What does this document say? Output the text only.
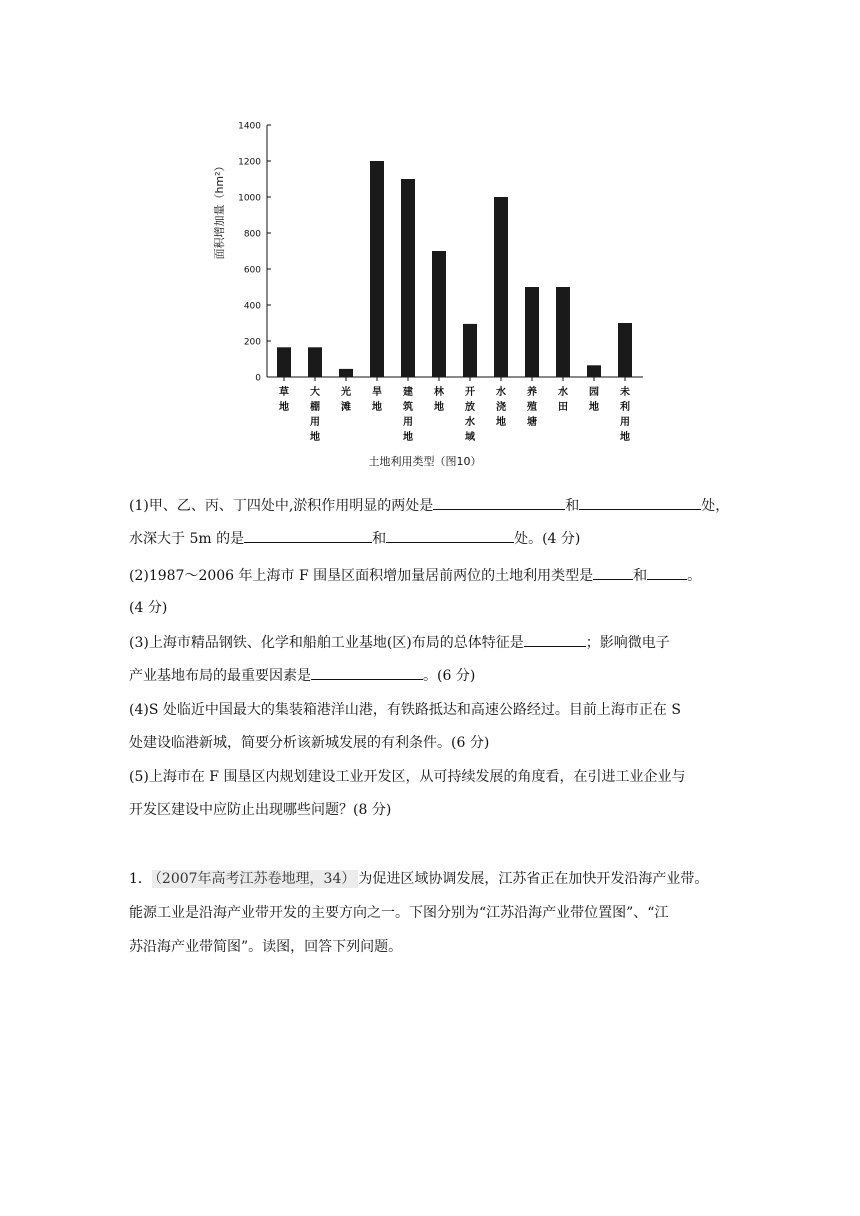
0
200
400
600
800
1000
1200
1400
草地
大棚用地
光滩
旱地
建筑用地
林地
开放水域
水浇地
养殖塘
水田
园地
未利用地
面积增加量（hm²）
土地利用类型（图10）
(1)甲、乙、丙、丁四处中,淤积作用明显的两处是	和	处，
水深大于 5m 的是	和	处。(4 分)
(2)1987～2006 年上海市 F 围垦区面积增加量居前两位的土地利用类型是	和	。
(4 分)
(3)上海市精品钢铁、化学和船舶工业基地(区)布局的总体特征是	；影响微电子
产业基地布局的最重要因素是	。(6 分)
(4)S 处临近中国最大的集装箱港洋山港，有铁路抵达和高速公路经过。目前上海市正在 S
处建设临港新城，简要分析该新城发展的有利条件。(6 分)
(5)上海市在 F 围垦区内规划建设工业开发区，从可持续发展的角度看，在引进工业企业与
开发区建设中应防止出现哪些问题？(8 分)
1． （2007年高考江苏卷地理，34） 为促进区域协调发展，江苏省正在加快开发沿海产业带。
能源工业是沿海产业带开发的主要方向之一。下图分别为“江苏沿海产业带位置图”、“江
苏沿海产业带简图”。读图，回答下列问题。
